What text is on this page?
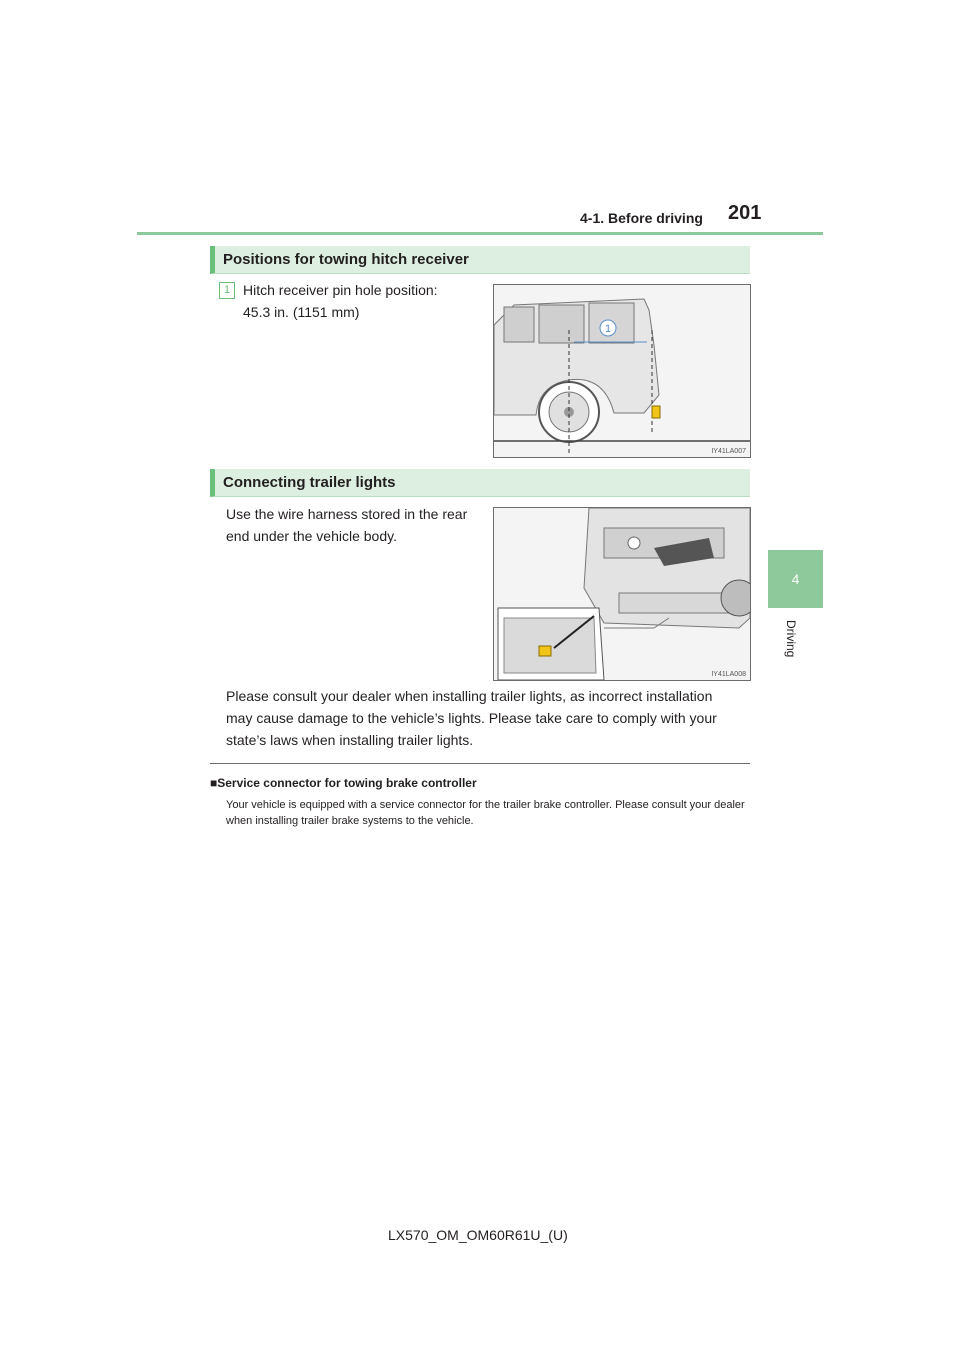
4-1. Before driving 201
4
Driving
Positions for towing hitch receiver
1 Hitch receiver pin hole position:
45.3 in. (1151 mm)
1
IY41LA007
Connecting trailer lights
Use the wire harness stored in the rear
end under the vehicle body.
IY41LA008
Please consult your dealer when installing trailer lights, as incorrect installation
may cause damage to the vehicle’s lights. Please take care to comply with your
state’s laws when installing trailer lights.
■Service connector for towing brake controller
Your vehicle is equipped with a service connector for the trailer brake controller. Please consult your dealer when installing trailer brake systems to the vehicle.
LX570_OM_OM60R61U_(U)
